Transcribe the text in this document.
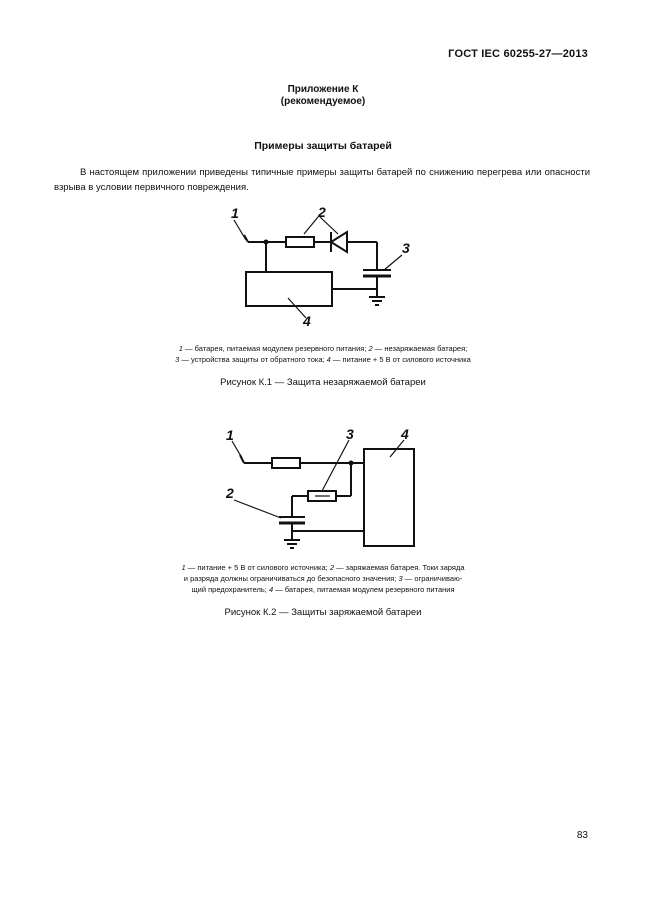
ГОСТ IEC 60255-27—2013
Приложение К
(рекомендуемое)
Примеры защиты батарей
В настоящем приложении приведены типичные примеры защиты батарей по снижению перегрева или опасности взрыва в условии первичного повреждения.
1	2
3
4
1 — батарея, питаемая модулем резервного питания; 2 — незаряжаемая батарея;
3 — устройства защиты от обратного тока; 4 — питание + 5 В от силового источника
Рисунок К.1 — Защита незаряжаемой батареи
1
2
3	4
1 — питание + 5 В от силового источника; 2 — заряжаемая батарея. Токи заряда
и разряда должны ограничиваться до безопасного значения; 3 — ограничиваю-
щий предохранитель; 4 — батарея, питаемая модулем резервного питания
Рисунок К.2 — Защиты заряжаемой батареи
83
